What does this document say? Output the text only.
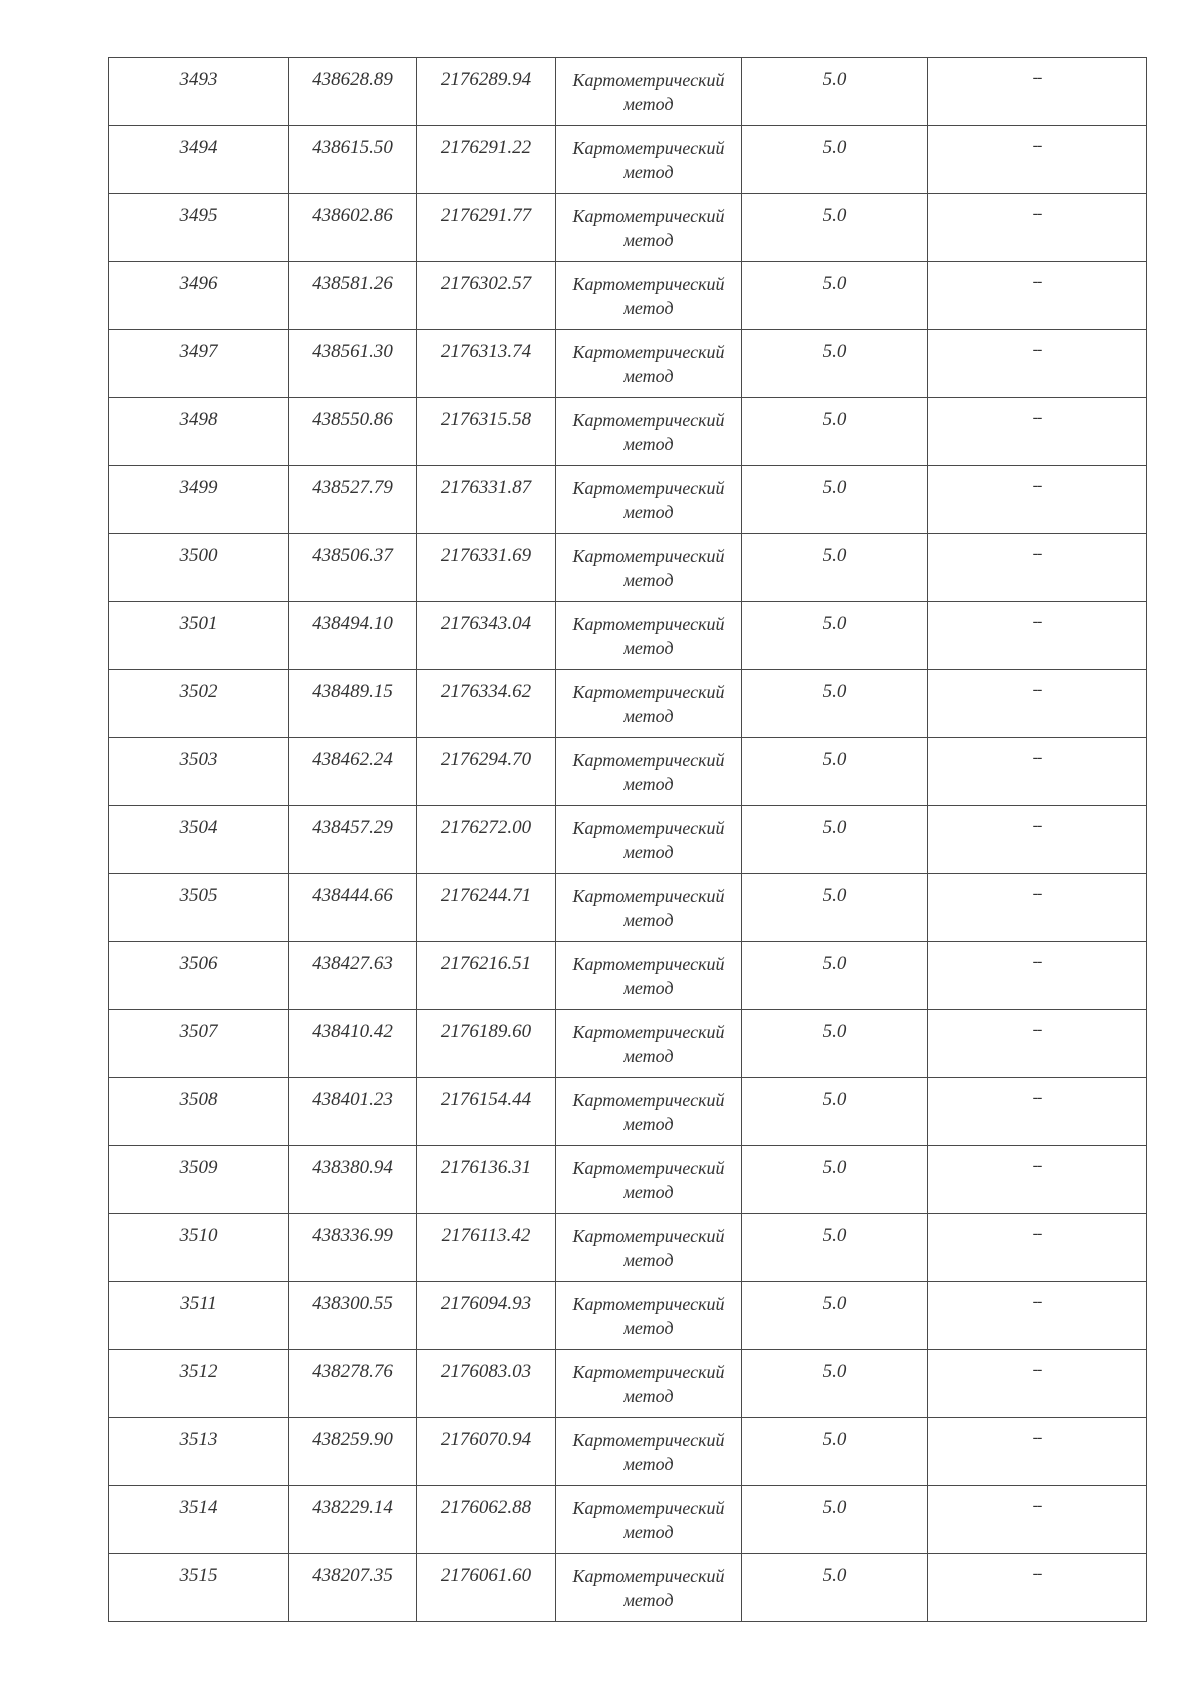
3493	438628.89	2176289.94	Картометрический
метод	5.0	--

3494	438615.50	2176291.22	Картометрический
метод	5.0	--

3495	438602.86	2176291.77	Картометрический
метод	5.0	--

3496	438581.26	2176302.57	Картометрический
метод	5.0	--

3497	438561.30	2176313.74	Картометрический
метод	5.0	--

3498	438550.86	2176315.58	Картометрический
метод	5.0	--

3499	438527.79	2176331.87	Картометрический
метод	5.0	--

3500	438506.37	2176331.69	Картометрический
метод	5.0	--

3501	438494.10	2176343.04	Картометрический
метод	5.0	--

3502	438489.15	2176334.62	Картометрический
метод	5.0	--

3503	438462.24	2176294.70	Картометрический
метод	5.0	--

3504	438457.29	2176272.00	Картометрический
метод	5.0	--

3505	438444.66	2176244.71	Картометрический
метод	5.0	--

3506	438427.63	2176216.51	Картометрический
метод	5.0	--

3507	438410.42	2176189.60	Картометрический
метод	5.0	--

3508	438401.23	2176154.44	Картометрический
метод	5.0	--

3509	438380.94	2176136.31	Картометрический
метод	5.0	--

3510	438336.99	2176113.42	Картометрический
метод	5.0	--

3511	438300.55	2176094.93	Картометрический
метод	5.0	--

3512	438278.76	2176083.03	Картометрический
метод	5.0	--

3513	438259.90	2176070.94	Картометрический
метод	5.0	--

3514	438229.14	2176062.88	Картометрический
метод	5.0	--

3515	438207.35	2176061.60	Картометрический
метод	5.0	--
